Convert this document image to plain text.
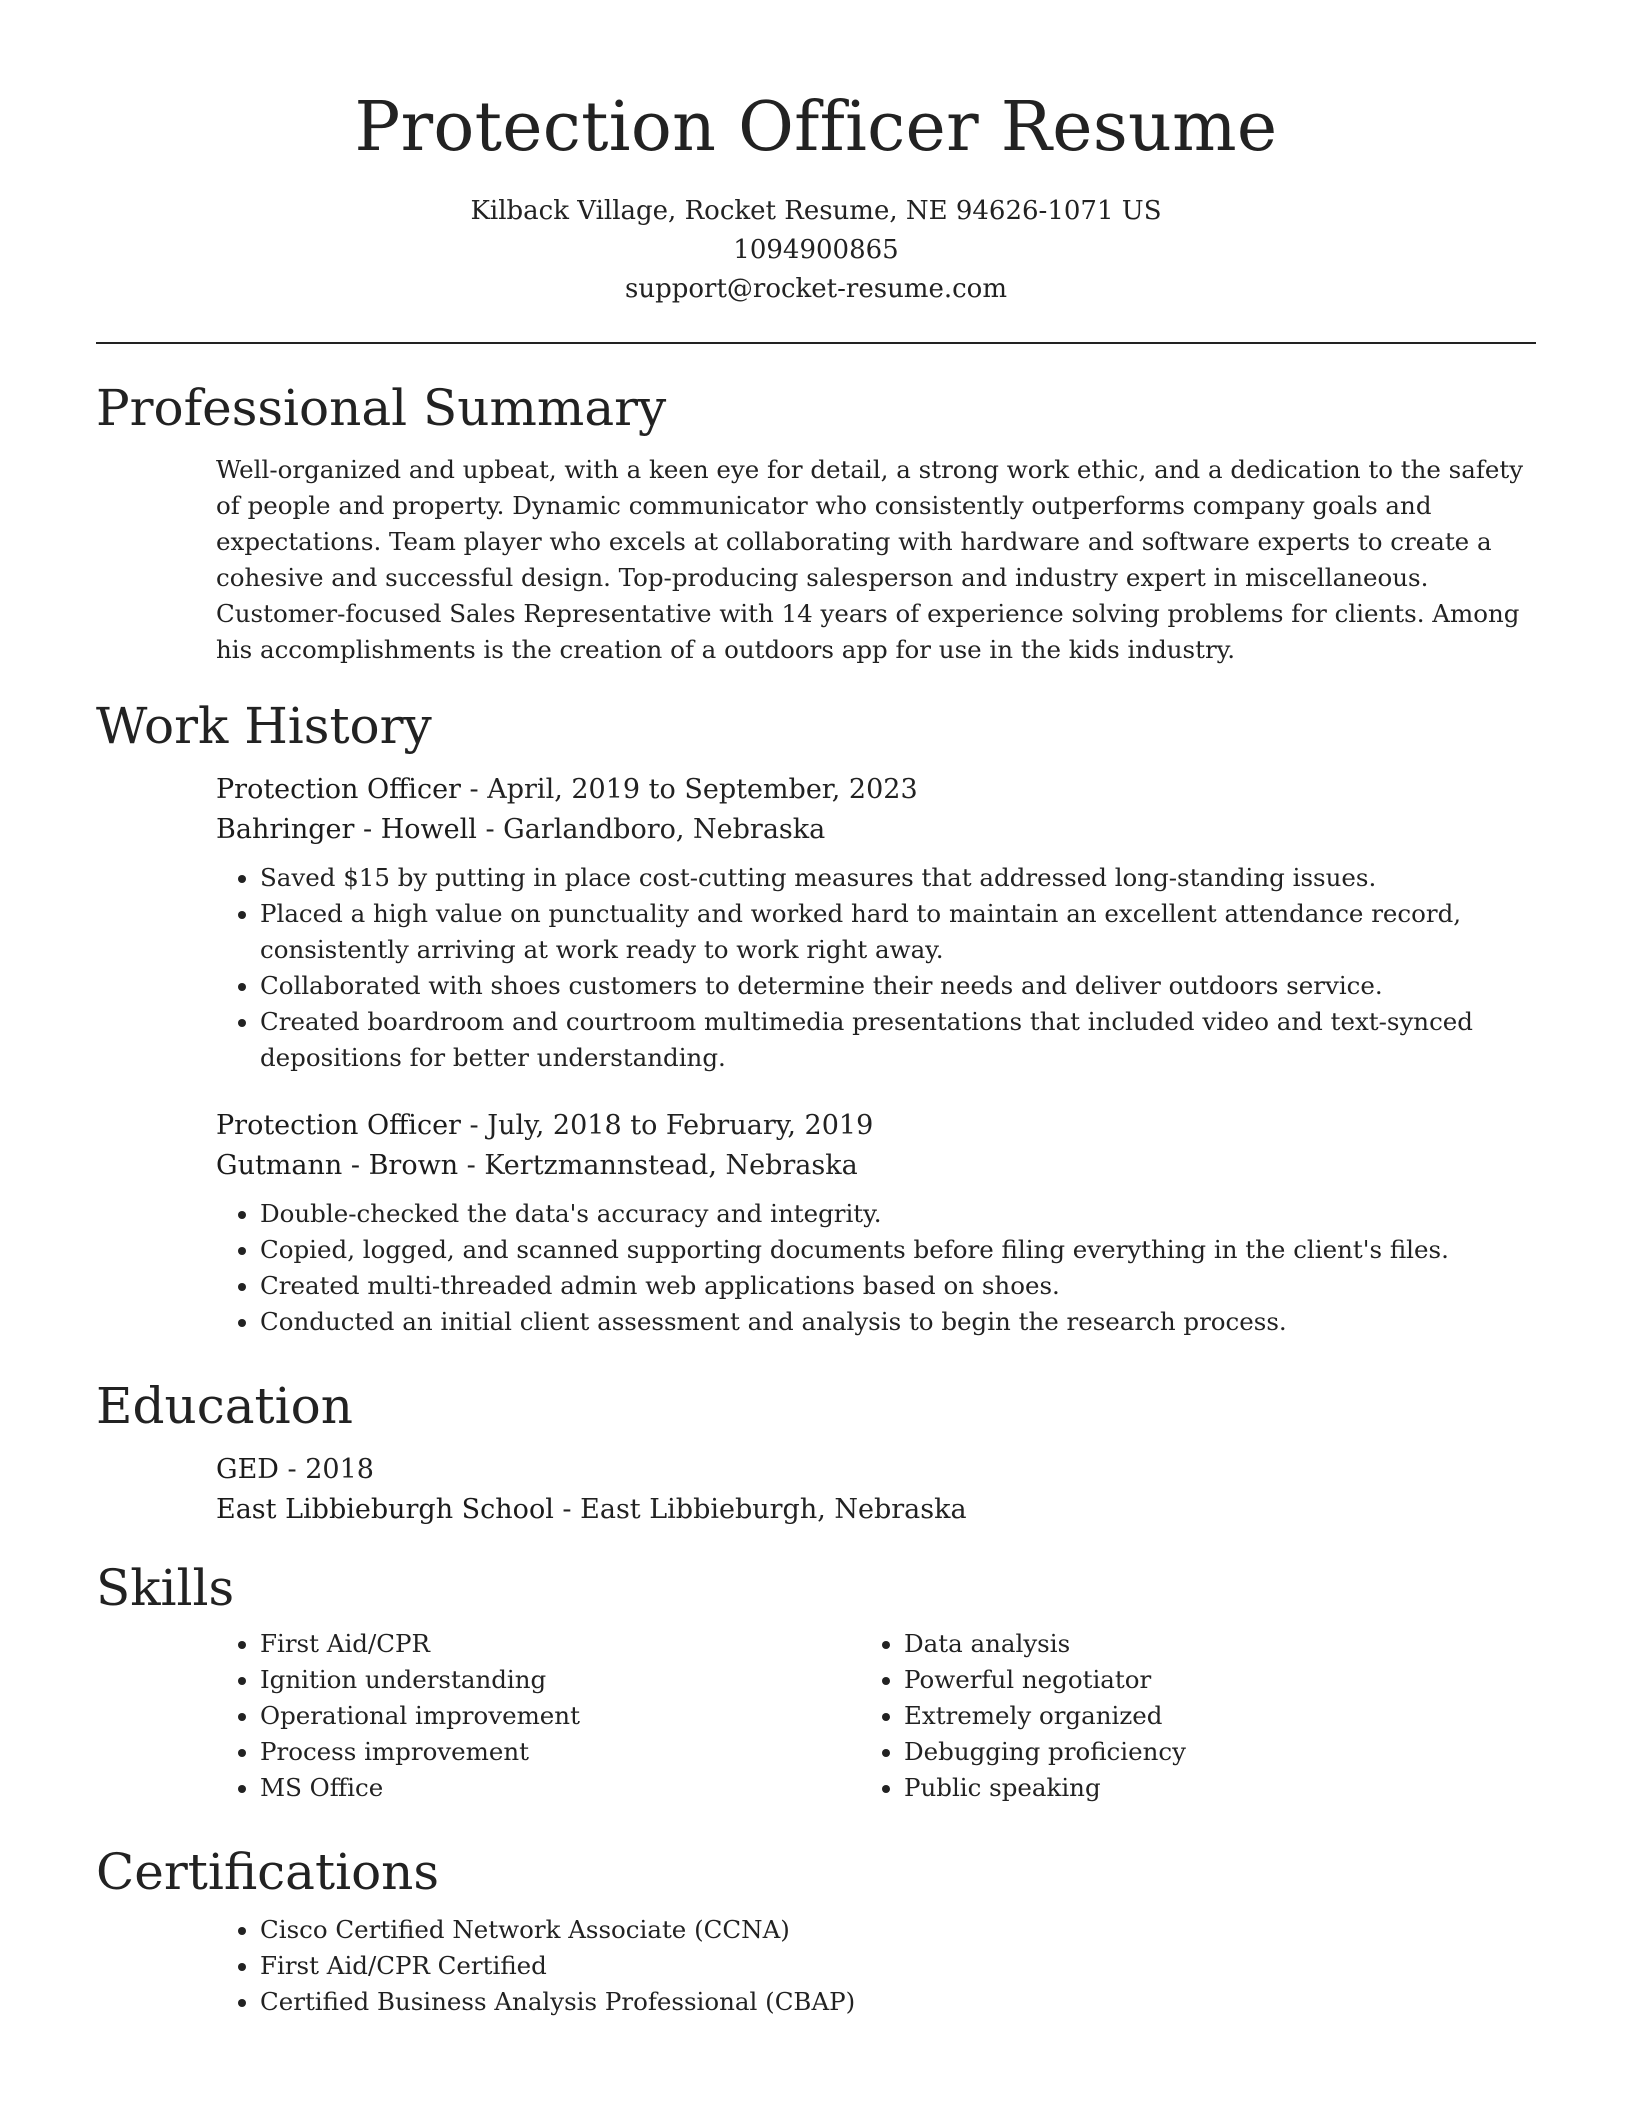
Protection Officer Resume
Kilback Village, Rocket Resume, NE 94626-1071 US
1094900865
support@rocket-resume.com
Professional Summary
Well-organized and upbeat, with a keen eye for detail, a strong work ethic, and a dedication to the safety of people and property. Dynamic communicator who consistently outperforms company goals and expectations. Team player who excels at collaborating with hardware and software experts to create a cohesive and successful design. Top-producing salesperson and industry expert in miscellaneous. Customer-focused Sales Representative with 14 years of experience solving problems for clients. Among his accomplishments is the creation of a outdoors app for use in the kids industry.
Work History
Protection Officer - April, 2019 to September, 2023
Bahringer - Howell - Garlandboro, Nebraska
• Saved $15 by putting in place cost-cutting measures that addressed long-standing issues.
• Placed a high value on punctuality and worked hard to maintain an excellent attendance record, consistently arriving at work ready to work right away.
• Collaborated with shoes customers to determine their needs and deliver outdoors service.
• Created boardroom and courtroom multimedia presentations that included video and text-synced depositions for better understanding.
Protection Officer - July, 2018 to February, 2019
Gutmann - Brown - Kertzmannstead, Nebraska
• Double-checked the data's accuracy and integrity.
• Copied, logged, and scanned supporting documents before filing everything in the client's files.
• Created multi-threaded admin web applications based on shoes.
• Conducted an initial client assessment and analysis to begin the research process.
Education
GED - 2018
East Libbieburgh School - East Libbieburgh, Nebraska
Skills
• First Aid/CPR
• Ignition understanding
• Operational improvement
• Process improvement
• MS Office
• Data analysis
• Powerful negotiator
• Extremely organized
• Debugging proficiency
• Public speaking
Certifications
• Cisco Certified Network Associate (CCNA)
• First Aid/CPR Certified
• Certified Business Analysis Professional (CBAP)
